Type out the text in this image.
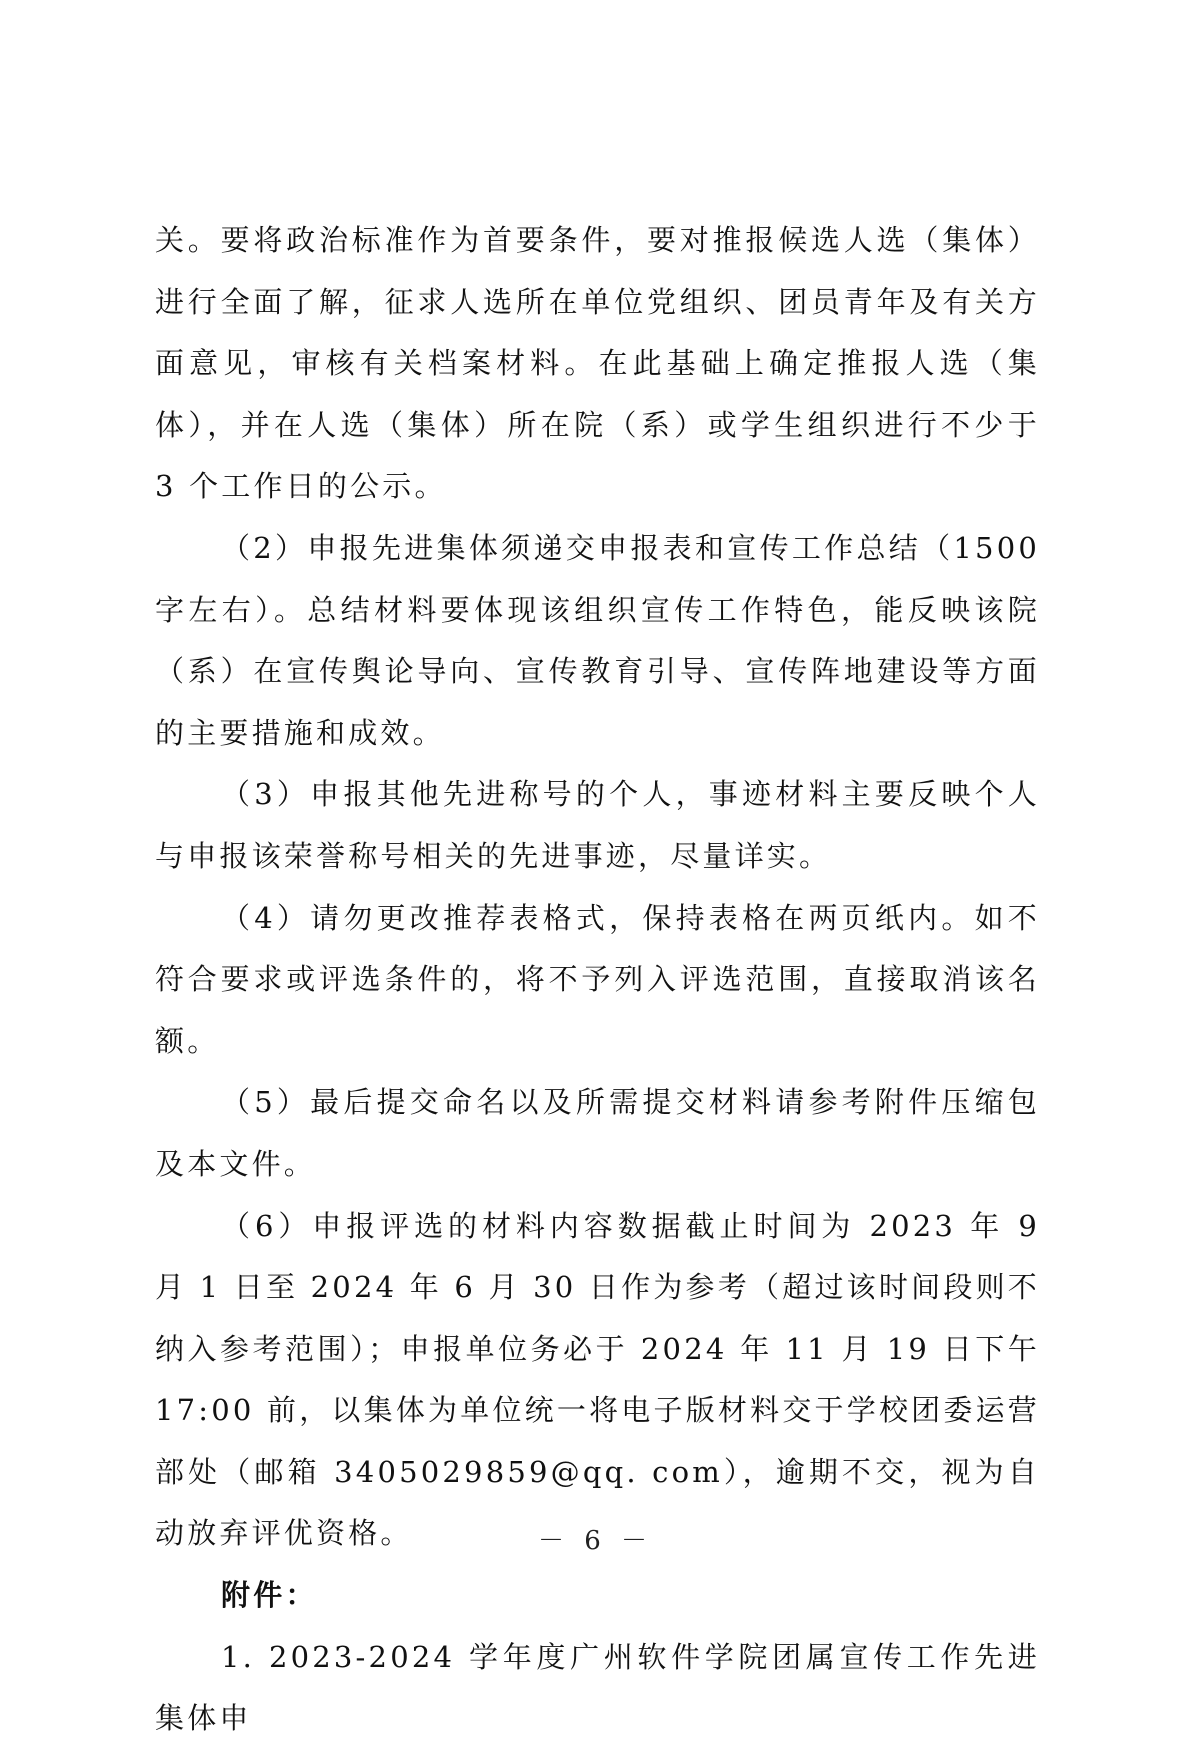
关。要将政治标准作为首要条件，要对推报候选人选（集体）进行全面了解，征求人选所在单位党组织、团员青年及有关方面意见，审核有关档案材料。在此基础上确定推报人选（集体），并在人选（集体）所在院（系）或学生组织进行不少于 3 个工作日的公示。

（2）申报先进集体须递交申报表和宣传工作总结（1500 字左右）。总结材料要体现该组织宣传工作特色，能反映该院（系）在宣传舆论导向、宣传教育引导、宣传阵地建设等方面的主要措施和成效。

（3）申报其他先进称号的个人，事迹材料主要反映个人与申报该荣誉称号相关的先进事迹，尽量详实。

（4）请勿更改推荐表格式，保持表格在两页纸内。如不符合要求或评选条件的，将不予列入评选范围，直接取消该名额。

（5）最后提交命名以及所需提交材料请参考附件压缩包及本文件。

（6）申报评选的材料内容数据截止时间为 2023 年 9 月 1 日至 2024 年 6 月 30 日作为参考（超过该时间段则不纳入参考范围）；申报单位务必于 2024 年 11 月 19 日下午 17:00 前，以集体为单位统一将电子版材料交于学校团委运营部处（邮箱 3405029859@qq. com），逾期不交，视为自动放弃评优资格。

附件：

1. 2023-2024 学年度广州软件学院团属宣传工作先进集体申

－ 6 －
